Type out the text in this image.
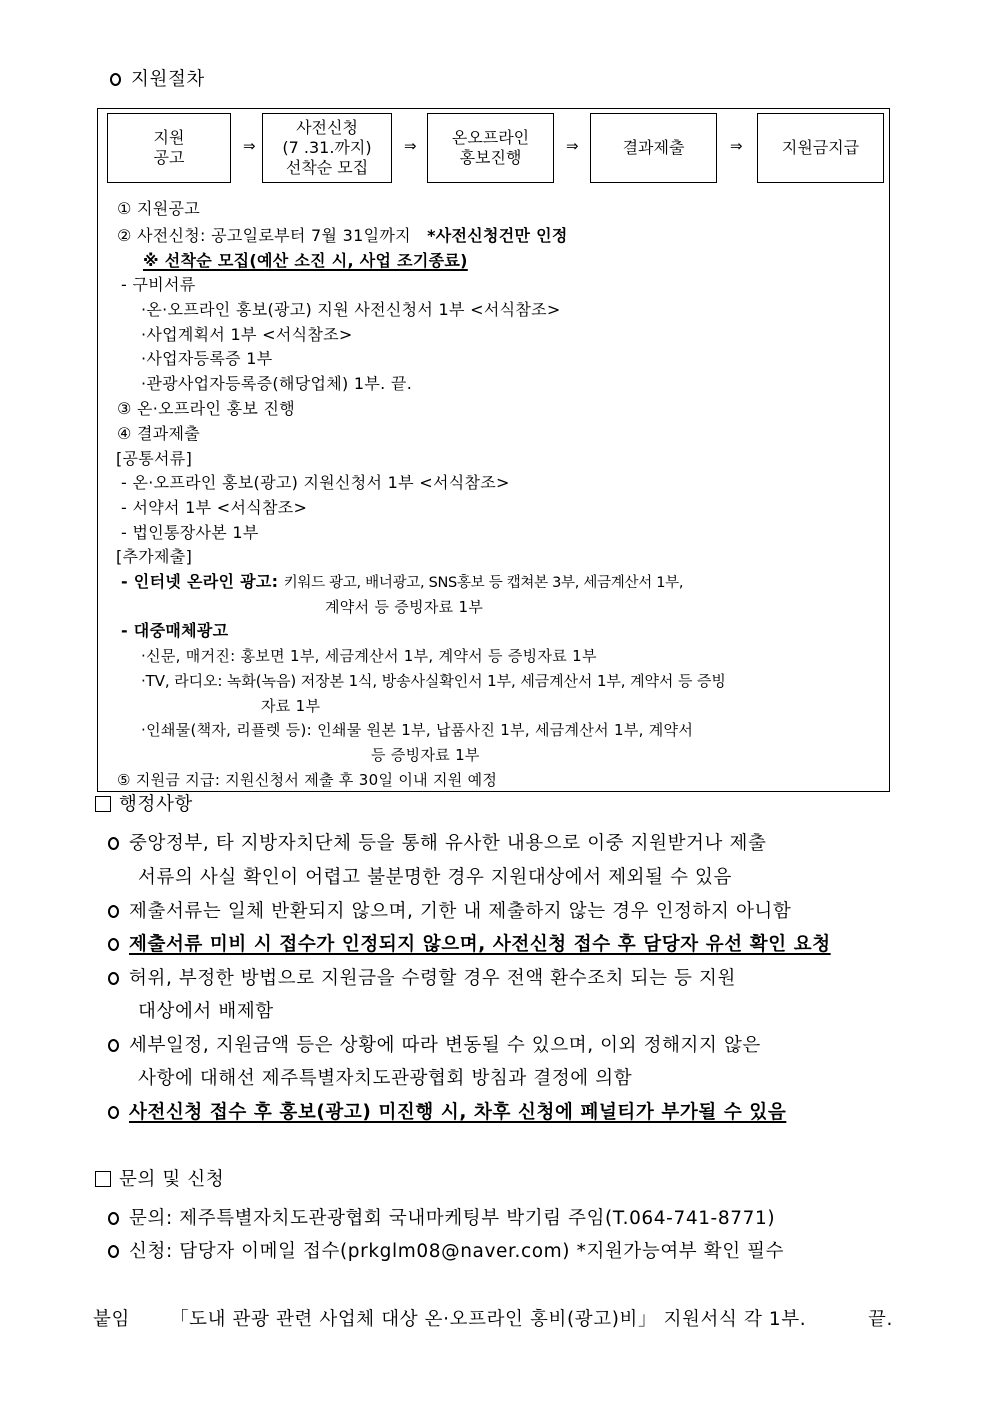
지원절차
지원
공고
⇒
사전신청
(7 .31.까지)
선착순 모집
⇒ 온오프라인
홍보진행
⇒	결과제출	⇒ 지원금지급
① 지원공고
② 사전신청: 공고일로부터 7월 31일까지 *사전신청건만 인정
※ 선착순 모집(예산 소진 시, 사업 조기종료)
- 구비서류
·온·오프라인 홍보(광고) 지원 사전신청서 1부 <서식참조>
·사업계획서 1부 <서식참조>
·사업자등록증 1부
·관광사업자등록증(해당업체) 1부. 끝.
③ 온·오프라인 홍보 진행
④ 결과제출
[공통서류]
- 온·오프라인 홍보(광고) 지원신청서 1부 <서식참조>
- 서약서 1부 <서식참조>
- 법인통장사본 1부
[추가제출]
- 인터넷 온라인 광고: 키워드 광고, 배너광고, SNS홍보 등 캡쳐본 3부, 세금계산서 1부,
계약서 등 증빙자료 1부
- 대중매체광고
·신문, 매거진: 홍보면 1부, 세금계산서 1부, 계약서 등 증빙자료 1부
·TV, 라디오: 녹화(녹음) 저장본 1식, 방송사실확인서 1부, 세금계산서 1부, 계약서 등 증빙
자료 1부
·인쇄물(책자, 리플렛 등): 인쇄물 원본 1부, 납품사진 1부, 세금계산서 1부, 계약서
등 증빙자료 1부
⑤ 지원금 지급: 지원신청서 제출 후 30일 이내 지원 예정
행정사항
중앙정부, 타 지방자치단체 등을 통해 유사한 내용으로 이중 지원받거나 제출
서류의 사실 확인이 어렵고 불분명한 경우 지원대상에서 제외될 수 있음
제출서류는 일체 반환되지 않으며, 기한 내 제출하지 않는 경우 인정하지 아니함
제출서류 미비 시 접수가 인정되지 않으며, 사전신청 접수 후 담당자 유선 확인 요청
허위, 부정한 방법으로 지원금을 수령할 경우 전액 환수조치 되는 등 지원
대상에서 배제함
세부일정, 지원금액 등은 상황에 따라 변동될 수 있으며, 이외 정해지지 않은
사항에 대해선 제주특별자치도관광협회 방침과 결정에 의함
사전신청 접수 후 홍보(광고) 미진행 시, 차후 신청에 페널티가 부가될 수 있음
문의 및 신청
문의: 제주특별자치도관광협회 국내마케팅부 박기림 주임(T.064-741-8771)
신청: 담당자 이메일 접수(prkglm08@naver.com) *지원가능여부 확인 필수
붙임 「도내 관광 관련 사업체 대상 온·오프라인 홍비(광고)비」 지원서식 각 1부.	끝.
